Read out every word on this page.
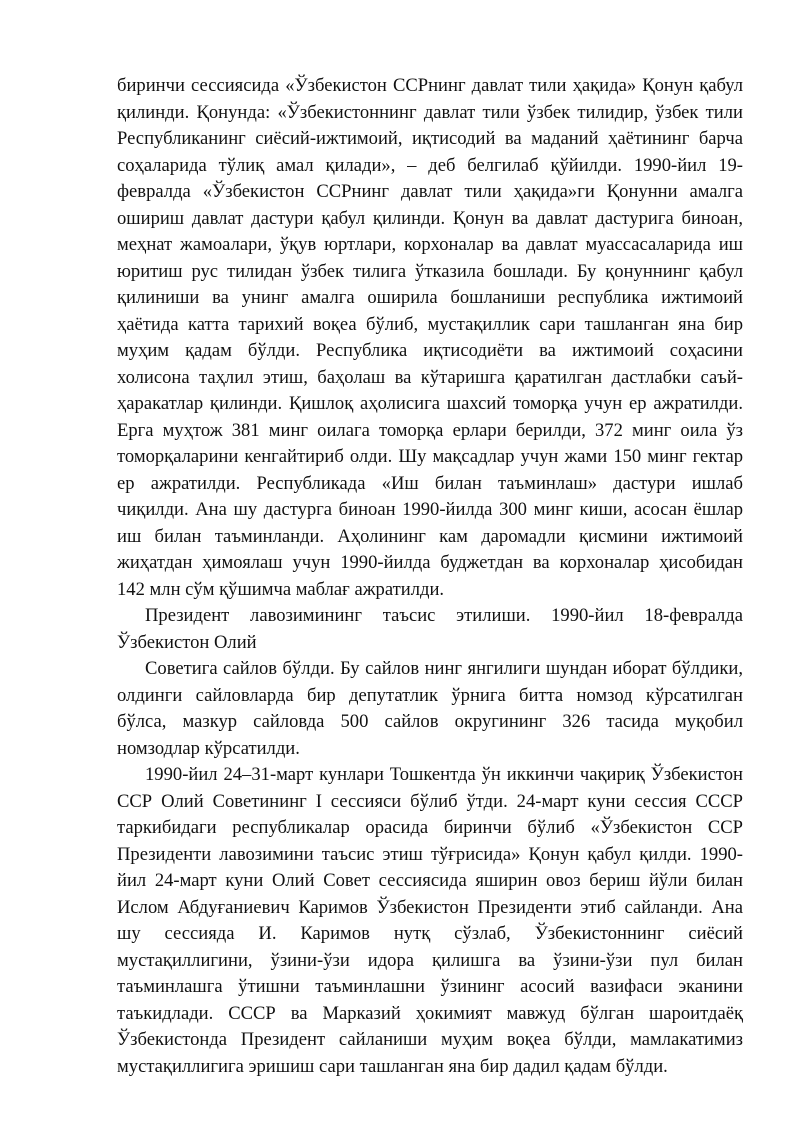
биринчи сессиясида «Ўзбекистон ССРнинг давлат тили ҳақида» Қонун қабул
қилинди. Қонунда: «Ўзбекистоннинг давлат тили ўзбек тилидир, ўзбек тили
Республиканинг сиёсий-ижтимоий, иқтисодий ва маданий ҳаётининг барча
соҳаларида тўлиқ амал қилади», – деб белгилаб қўйилди. 1990-йил 19-
февралда «Ўзбекистон ССРнинг давлат тили ҳақида»ги Қонунни амалга
ошириш давлат дастури қабул қилинди. Қонун ва давлат дастурига биноан,
меҳнат жамоалари, ўқув юртлари, корхоналар ва давлат муассасаларида иш
юритиш рус тилидан ўзбек тилига ўтказила бошлади. Бу қонуннинг қабул
қилиниши ва унинг амалга оширила бошланиши республика ижтимоий
ҳаётида катта тарихий воқеа бўлиб, мустақиллик сари ташланган яна бир
муҳим қадам бўлди. Республика иқтисодиёти ва ижтимоий соҳасини
холисона таҳлил этиш, баҳолаш ва кўтаришга қаратилган дастлабки саъй-
ҳаракатлар қилинди. Қишлоқ аҳолисига шахсий томорқа учун ер ажратилди.
Ерга муҳтож 381 минг оилага томорқа ерлари берилди, 372 минг оила ўз
томорқаларини кенгайтириб олди. Шу мақсадлар учун жами 150 минг гектар
ер ажратилди. Республикада «Иш билан таъминлаш» дастури ишлаб
чиқилди. Ана шу дастурга биноан 1990-йилда 300 минг киши, асосан ёшлар
иш билан таъминланди. Аҳолининг кам даромадли қисмини ижтимоий
жиҳатдан ҳимоялаш учун 1990-йилда буджетдан ва корхоналар ҳисобидан
142 млн сўм қўшимча маблағ ажратилди.
Президент лавозимининг таъсис этилиши. 1990-йил 18-февралда
Ўзбекистон Олий
Советига сайлов бўлди. Бу сайлов нинг янгилиги шундан иборат бўлдики,
олдинги сайловларда бир депутатлик ўрнига битта номзод кўрсатилган
бўлса, мазкур сайловда 500 сайлов округининг 326 тасида муқобил
номзодлар кўрсатилди.
1990-йил 24–31-март кунлари Тошкентда ўн иккинчи чақириқ Ўзбекистон
ССР Олий Советининг I сессияси бўлиб ўтди. 24-март куни сессия СССР
таркибидаги республикалар орасида биринчи бўлиб «Ўзбекистон ССР
Президенти лавозимини таъсис этиш тўғрисида» Қонун қабул қилди. 1990-
йил 24-март куни Олий Совет сессиясида яширин овоз бериш йўли билан
Ислом Абдуғаниевич Каримов Ўзбекистон Президенти этиб сайланди. Ана
шу сессияда И. Каримов нутқ сўзлаб, Ўзбекистоннинг сиёсий
мустақиллигини, ўзини-ўзи идора қилишга ва ўзини-ўзи пул билан
таъминлашга ўтишни таъминлашни ўзининг асосий вазифаси эканини
таъкидлади. СССР ва Марказий ҳокимият мавжуд бўлган шароитдаёқ
Ўзбекистонда Президент сайланиши муҳим воқеа бўлди, мамлакатимиз
мустақиллигига эришиш сари ташланган яна бир дадил қадам бўлди.
